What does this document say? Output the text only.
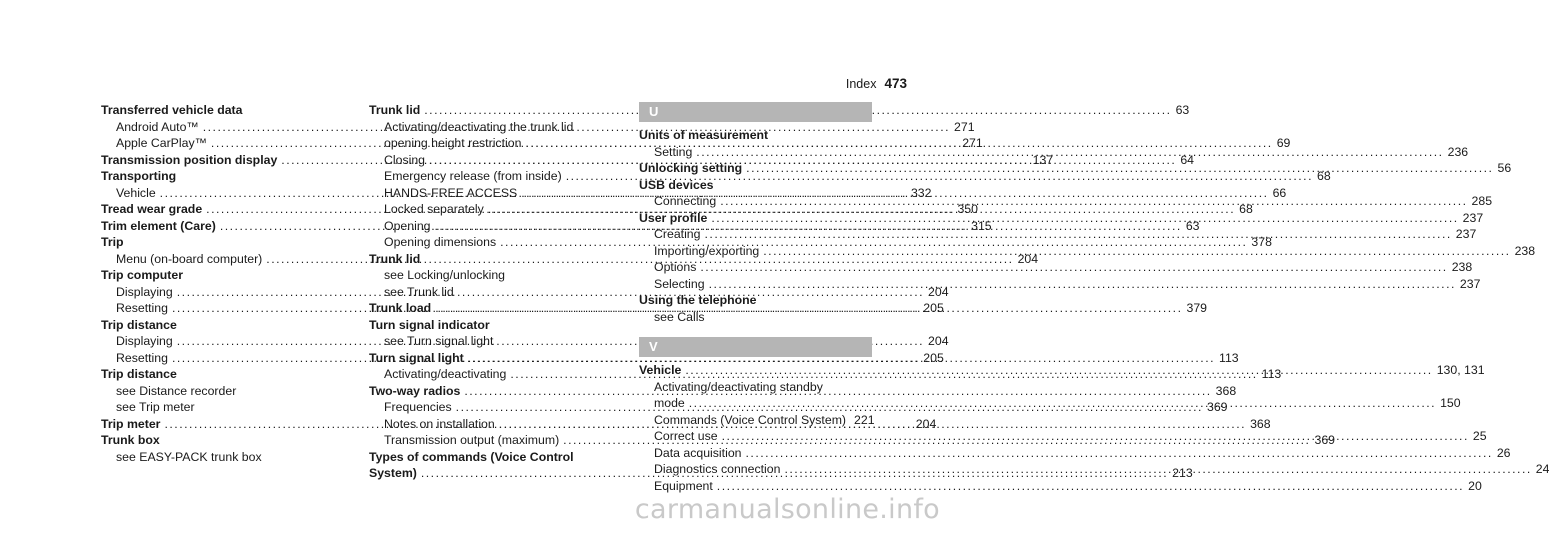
Index 473
Transferred vehicle data
Android Auto™ .....	271
Apple CarPlay™ .....	271
Transmission position display .....	137
Transporting
Vehicle .....	332
Tread wear grade .....	350
Trim element (Care) .....	315
Trip
Menu (on-board computer) .....	204
Trip computer
Displaying .....	204
Resetting .....	205
Trip distance
Displaying .....	204
Resetting .....	205
Trip distance
see Distance recorder
see Trip meter
Trip meter .....	204
Trunk box
see EASY-PACK trunk box
Trunk lid .....	63
Activating/deactivating the trunk lid
opening height restriction .....	69
Closing .....	64
Emergency release (from inside) .....	68
HANDS-FREE ACCESS .....	66
Locked separately .....	68
Opening .....	63
Opening dimensions .....	378
Trunk lid
see Locking/unlocking
see Trunk lid
Trunk load .....	379
Turn signal indicator
see Turn signal light
Turn signal light .....	113
Activating/deactivating .....	113
Two-way radios .....	368
Frequencies .....	369
Notes on installation .....	368
Transmission output (maximum) .....	369
Types of commands (Voice Control
System) .....	213
U
Units of measurement
Setting .....	236
Unlocking setting .....	56
USB devices
Connecting .....	285
User profile .....	237
Creating .....	237
Importing/exporting .....	238
Options .....	238
Selecting .....	237
Using the telephone
see Calls
V
Vehicle .....	130, 131
Activating/deactivating standby
mode .....	150
Commands (Voice Control System) 221
Correct use .....	25
Data acquisition .....	26
Diagnostics connection .....	24
Equipment .....	20
carmanualsonline.info
